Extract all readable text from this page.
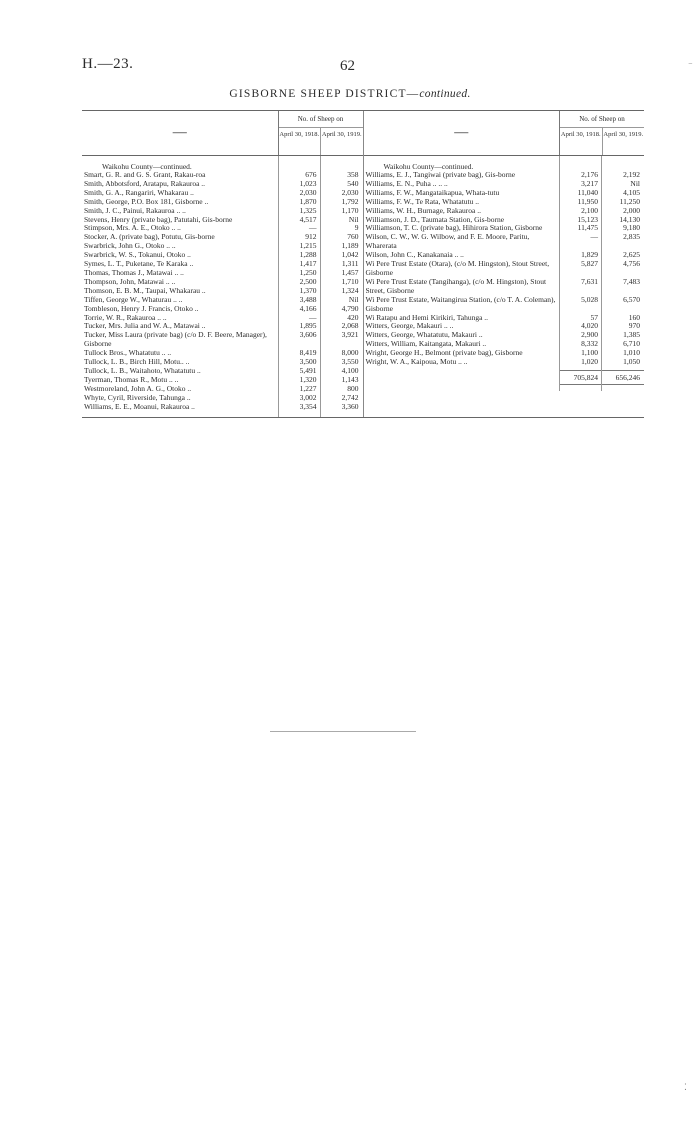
H.—23.	62
GISBORNE SHEEP DISTRICT—continued.
—
No. of Sheep on
April 30, 1918. April 30, 1919.
Waikohu County—continued.
Smart, G. R. and G. S. Grant, Rakau-roa	676	358
Smith, Abbotsford, Aratapu, Rakauroa ..	1,023	540
Smith, G. A., Rangariri, Whakarau ..	2,030	2,030
Smith, George, P.O. Box 181, Gisborne ..	1,870	1,792
Smith, J. C., Painui, Rakauroa .. ..	1,325	1,170
Stevens, Henry (private bag), Patutahi, Gis-borne	4,517	Nil
Stimpson, Mrs. A. E., Otoko .. ..	—	9
Stocker, A. (private bag), Potutu, Gis-borne	912	760
Swarbrick, John G., Otoko .. ..	1,215	1,189
Swarbrick, W. S., Tokanui, Otoko ..	1,288	1,042
Symes, L. T., Puketane, Te Karaka ..	1,417	1,311
Thomas, Thomas J., Matawai .. ..	1,250	1,457
Thompson, John, Matawai .. ..	2,500	1,710
Thomson, E. B. M., Taupai, Whakarau ..	1,370	1,324
Tiffen, George W., Whaturau .. ..	3,488	Nil
Tombleson, Henry J. Francis, Otoko ..	4,166	4,790
Torrie, W. R., Rakauroa .. ..	—	420
Tucker, Mrs. Julia and W. A., Matawai ..	1,895	2,068
Tucker, Miss Laura (private bag) (c/o D. F. Beere, Manager), Gisborne
3,606	3,921
Tullock Bros., Whatatutu .. ..	8,419	8,000
Tullock, L. B., Birch Hill, Motu.. ..	3,500	3,550
Tullock, L. B., Waitahoto, Whatatutu ..	5,491	4,100
Tyerman, Thomas R., Motu .. ..	1,320	1,143
Westmoreland, John A. G., Otoko ..	1,227	800
Whyte, Cyril, Riverside, Tahunga ..	3,002	2,742
Williams, E. E., Moanui, Rakauroa ..	3,354	3,360
—
No. of Sheep on
April 30, 1918. April 30, 1919.
Waikohu County—continued.
Williams, E. J., Tangiwai (private bag), Gis-borne	2,176	2,192
Williams, E. N., Puha .. .. ..	3,217	Nil
Williams, F. W., Mangataikapua, Whata-tutu	11,040	4,105
Williams, F. W., Te Rata, Whatatutu ..	11,950	11,250
Williams, W. H., Burnage, Rakauroa ..	2,100	2,000
Williamson, J. D., Taumata Station, Gis-borne	15,123	14,130
Williamson, T. C. (private bag), Hihirora Station, Gisborne	11,475	9,180
Wilson, C. W., W. G. Wilbow, and F. E. Moore, Paritu, Wharerata
—	2,835
Wilson, John C., Kanakanaia .. ..	1,829	2,625
Wi Pere Trust Estate (Otara), (c/o M. Hingston), Stout Street, Gisborne
5,827	4,756
Wi Pere Trust Estate (Tangihanga), (c/o M. Hingston), Stout Street, Gisborne
7,631	7,483
Wi Pere Trust Estate, Waitangirua Station, (c/o T. A. Coleman), Gisborne
5,028	6,570
Wi Ratapu and Hemi Kirikiri, Tahunga ..	57	160
Witters, George, Makauri .. ..	4,020	970
Witters, George, Whatatutu, Makauri ..	2,900	1,385
Witters, William, Kaitangata, Makauri ..	8,332	6,710
Wright, George H., Belmont (private bag), Gisborne	1,100	1,010
Wright, W. A., Kaipoua, Motu .. ..	1,020	1,050
705,824	656,246
⁻
⁚
